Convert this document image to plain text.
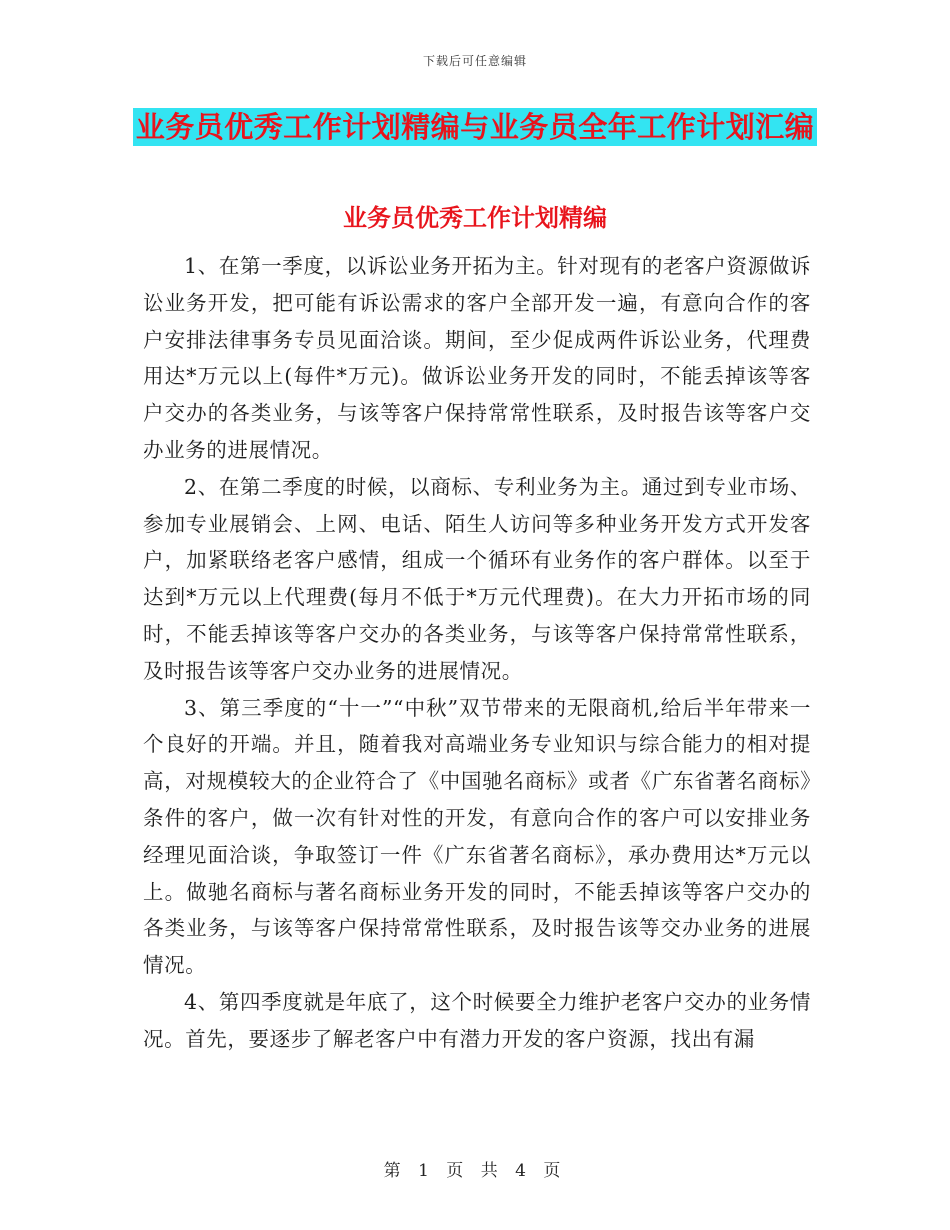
下载后可任意编辑
业务员优秀工作计划精编与业务员全年工作计划汇编
业务员优秀工作计划精编

1、在第一季度，以诉讼业务开拓为主。针对现有的老客户资源做诉讼业务开发，把可能有诉讼需求的客户全部开发一遍，有意向合作的客户安排法律事务专员见面洽谈。期间，至少促成两件诉讼业务，代理费用达*万元以上(每件*万元)。做诉讼业务开发的同时，不能丢掉该等客户交办的各类业务，与该等客户保持常常性联系，及时报告该等客户交办业务的进展情况。

2、在第二季度的时候，以商标、专利业务为主。通过到专业市场、参加专业展销会、上网、电话、陌生人访问等多种业务开发方式开发客户，加紧联络老客户感情，组成一个循环有业务作的客户群体。以至于达到*万元以上代理费(每月不低于*万元代理费)。在大力开拓市场的同时，不能丢掉该等客户交办的各类业务，与该等客户保持常常性联系，及时报告该等客户交办业务的进展情况。

3、第三季度的“十一”“中秋”双节带来的无限商机,给后半年带来一个良好的开端。并且，随着我对高端业务专业知识与综合能力的相对提高，对规模较大的企业符合了《中国驰名商标》或者《广东省著名商标》条件的客户，做一次有针对性的开发，有意向合作的客户可以安排业务经理见面洽谈，争取签订一件《广东省著名商标》，承办费用达*万元以上。做驰名商标与著名商标业务开发的同时，不能丢掉该等客户交办的各类业务，与该等客户保持常常性联系，及时报告该等交办业务的进展情况。

4、第四季度就是年底了，这个时候要全力维护老客户交办的业务情况。首先，要逐步了解老客户中有潜力开发的客户资源，找出有漏

第 1 页 共 4 页
